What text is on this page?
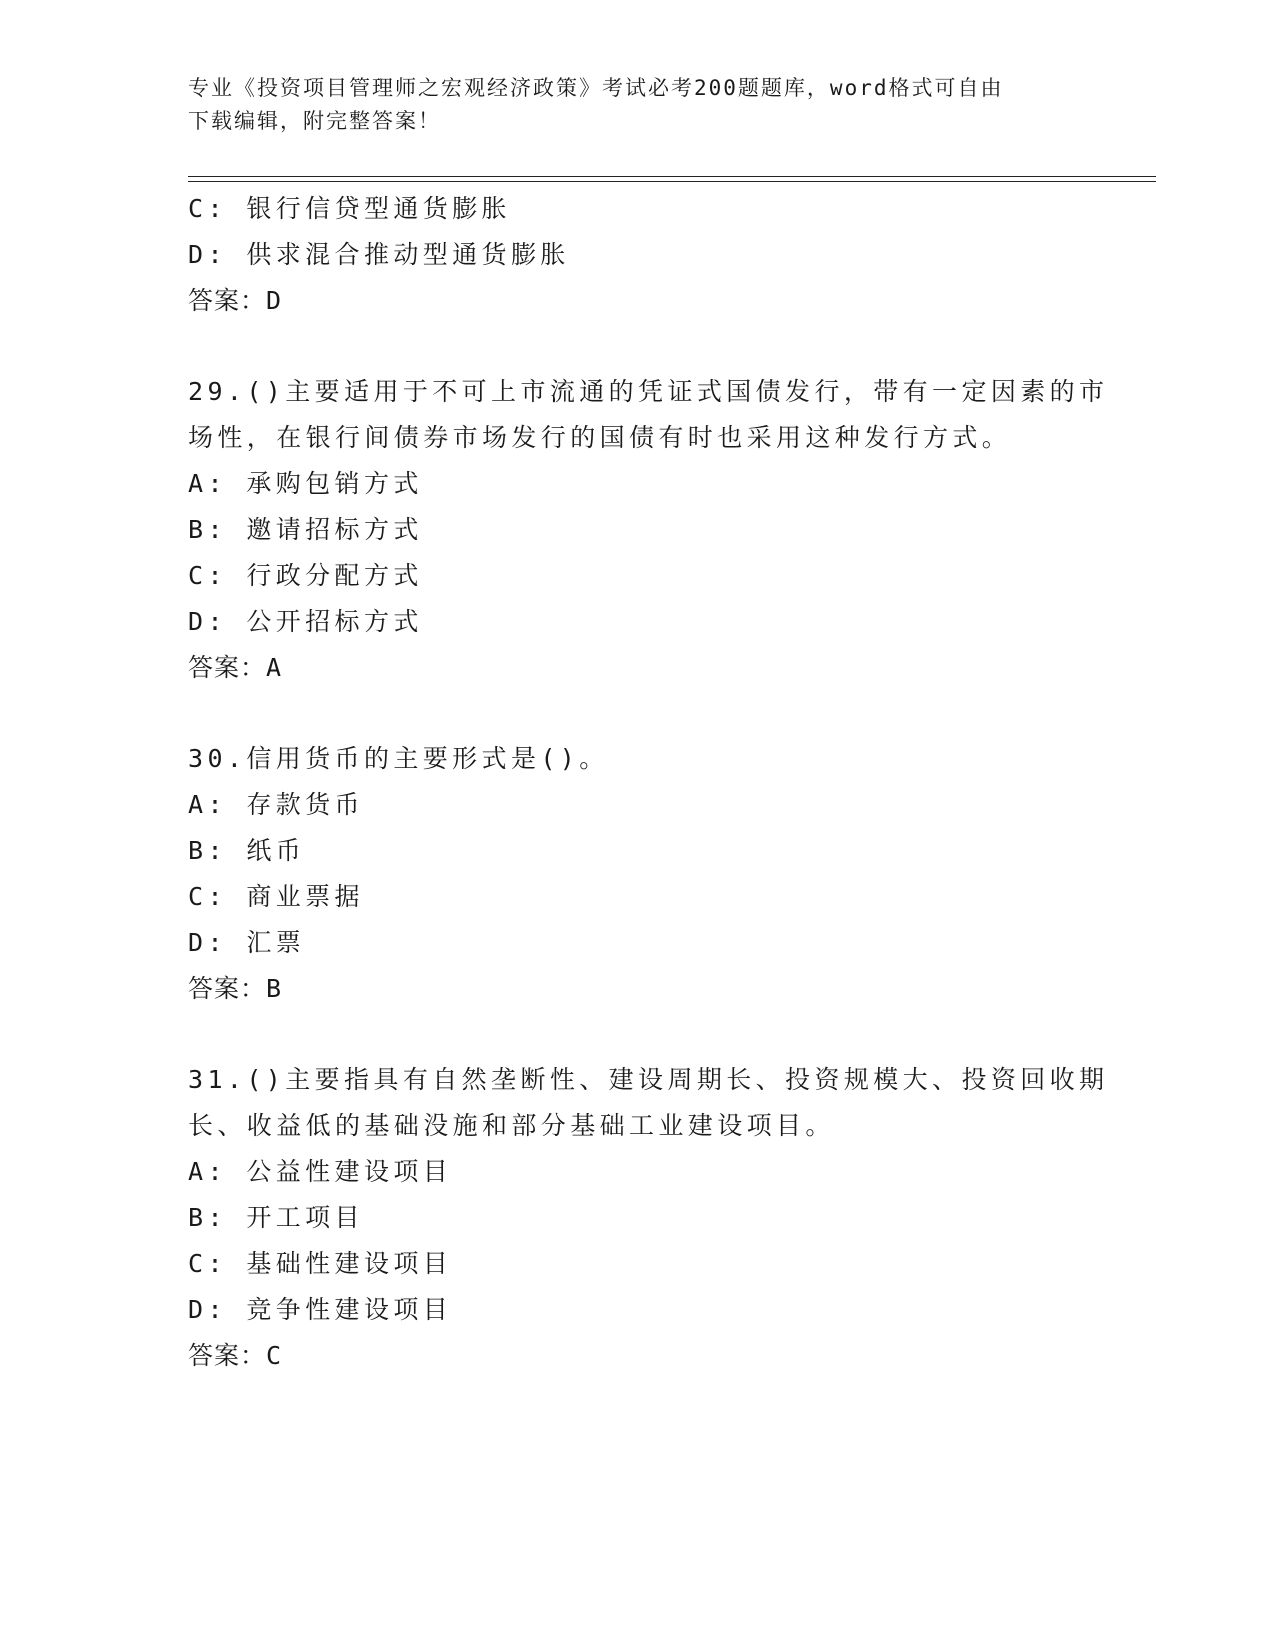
专业《投资项目管理师之宏观经济政策》考试必考200题题库，word格式可自由
下载编辑，附完整答案！
C: 银行信贷型通货膨胀
D: 供求混合推动型通货膨胀
答案：D
29.()主要适用于不可上市流通的凭证式国债发行，带有一定因素的市
场性，在银行间债券市场发行的国债有时也采用这种发行方式。
A: 承购包销方式
B: 邀请招标方式
C: 行政分配方式
D: 公开招标方式
答案：A
30.信用货币的主要形式是()。
A: 存款货币
B: 纸币
C: 商业票据
D: 汇票
答案：B
31.()主要指具有自然垄断性、建设周期长、投资规模大、投资回收期
长、收益低的基础没施和部分基础工业建设项目。
A: 公益性建设项目
B: 开工项目
C: 基础性建设项目
D: 竞争性建设项目
答案：C
